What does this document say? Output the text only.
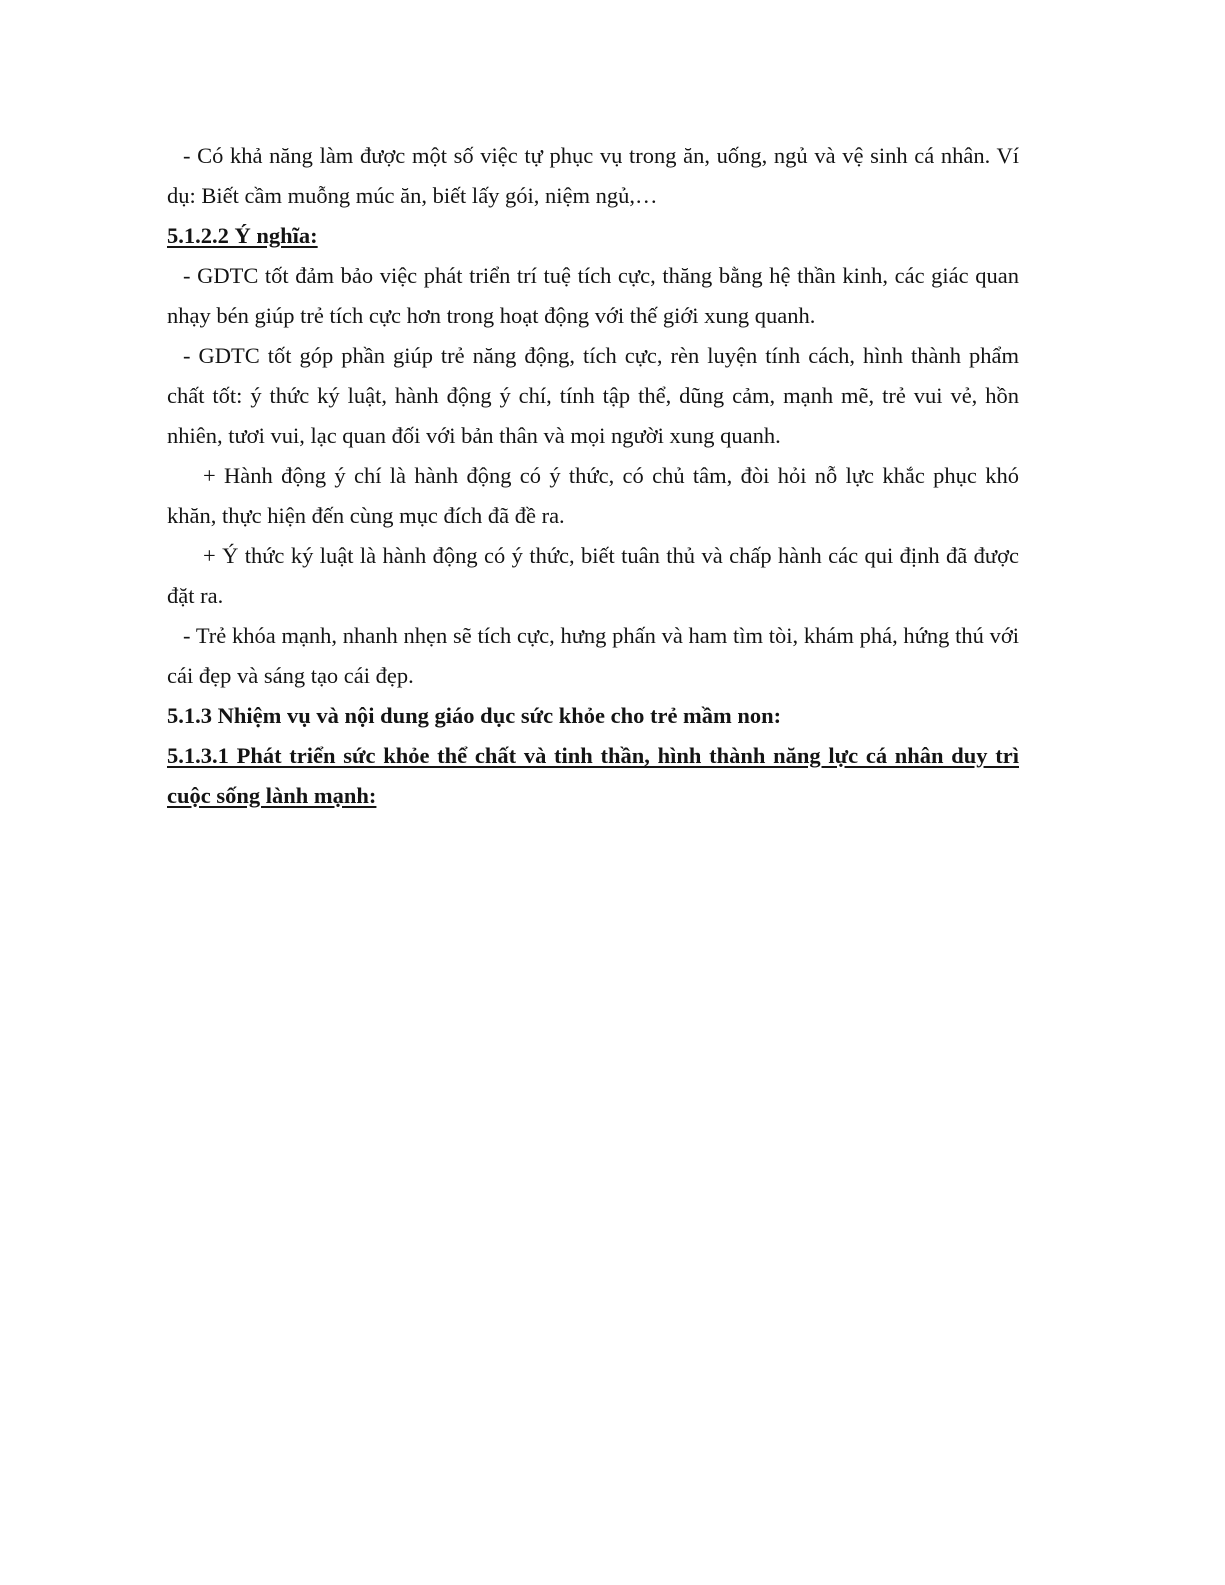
- Có khả năng làm được một số việc tự phục vụ trong ăn, uống, ngủ và vệ sinh cá nhân. Ví dụ: Biết cầm muỗng múc ăn, biết lấy gói, niệm ngủ,…

5.1.2.2 Ý nghĩa:

- GDTC tốt đảm bảo việc phát triển trí tuệ tích cực, thăng bằng hệ thần kinh, các giác quan nhạy bén giúp trẻ tích cực hơn trong hoạt động với thế giới xung quanh.

- GDTC tốt góp phần giúp trẻ năng động, tích cực, rèn luyện tính cách, hình thành phẩm chất tốt: ý thức ký luật, hành động ý chí, tính tập thể, dũng cảm, mạnh mẽ, trẻ vui vẻ, hồn nhiên, tươi vui, lạc quan đối với bản thân và mọi người xung quanh.

+ Hành động ý chí là hành động có ý thức, có chủ tâm, đòi hỏi nỗ lực khắc phục khó khăn, thực hiện đến cùng mục đích đã đề ra.

+ Ý thức ký luật là hành động có ý thức, biết tuân thủ và chấp hành các qui định đã được đặt ra.

- Trẻ khóa mạnh, nhanh nhẹn sẽ tích cực, hưng phấn và ham tìm tòi, khám phá, hứng thú với cái đẹp và sáng tạo cái đẹp.

5.1.3 Nhiệm vụ và nội dung giáo dục sức khỏe cho trẻ mầm non:

5.1.3.1 Phát triển sức khỏe thể chất và tinh thần, hình thành năng lực cá nhân duy trì cuộc sống lành mạnh:
